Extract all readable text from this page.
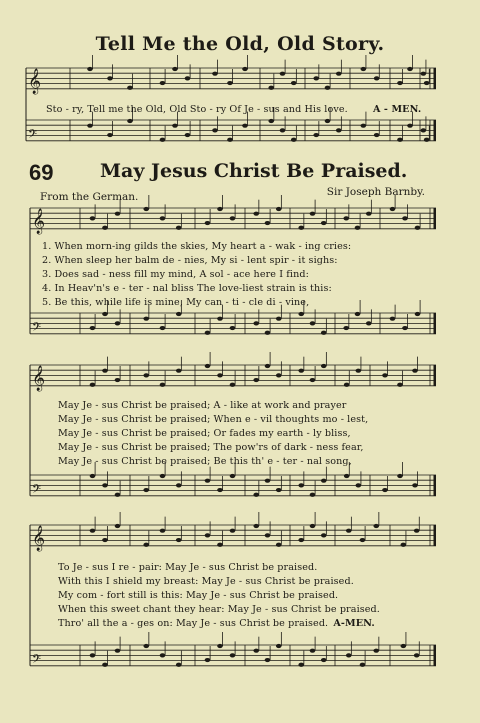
𝄞
𝄢
𝄞
𝄢
𝄞
𝄢
𝄞
𝄢
Tell Me the Old, Old Story.
Sto - ry, Tell me the Old, Old Sto - ry Of Je - sus and His love.	A - MEN.
69 May Jesus Christ Be Praised.
From the German.	Sir Joseph Barnby.
1. When morn-ing gilds the skies, My heart a - wak - ing cries:
2. When sleep her balm de - nies, My si - lent spir - it sighs:
3. Does sad - ness fill my mind, A sol - ace here I find:
4. In Heav'n's e - ter - nal bliss The love-liest strain is this:
5. Be this, while life is mine, My can - ti - cle di - vine,
May Je - sus Christ be praised; A - like at work and prayer
May Je - sus Christ be praised; When e - vil thoughts mo - lest,
May Je - sus Christ be praised; Or fades my earth - ly bliss,
May Je - sus Christ be praised; The pow'rs of dark - ness fear,
May Je - sus Christ be praised; Be this th' e - ter - nal song,
To Je - sus I re - pair: May Je - sus Christ be praised.
With this I shield my breast: May Je - sus Christ be praised.
My com - fort still is this: May Je - sus Christ be praised.
When this sweet chant they hear: May Je - sus Christ be praised.
Thro' all the a - ges on: May Je - sus Christ be praised. A-MEN.
